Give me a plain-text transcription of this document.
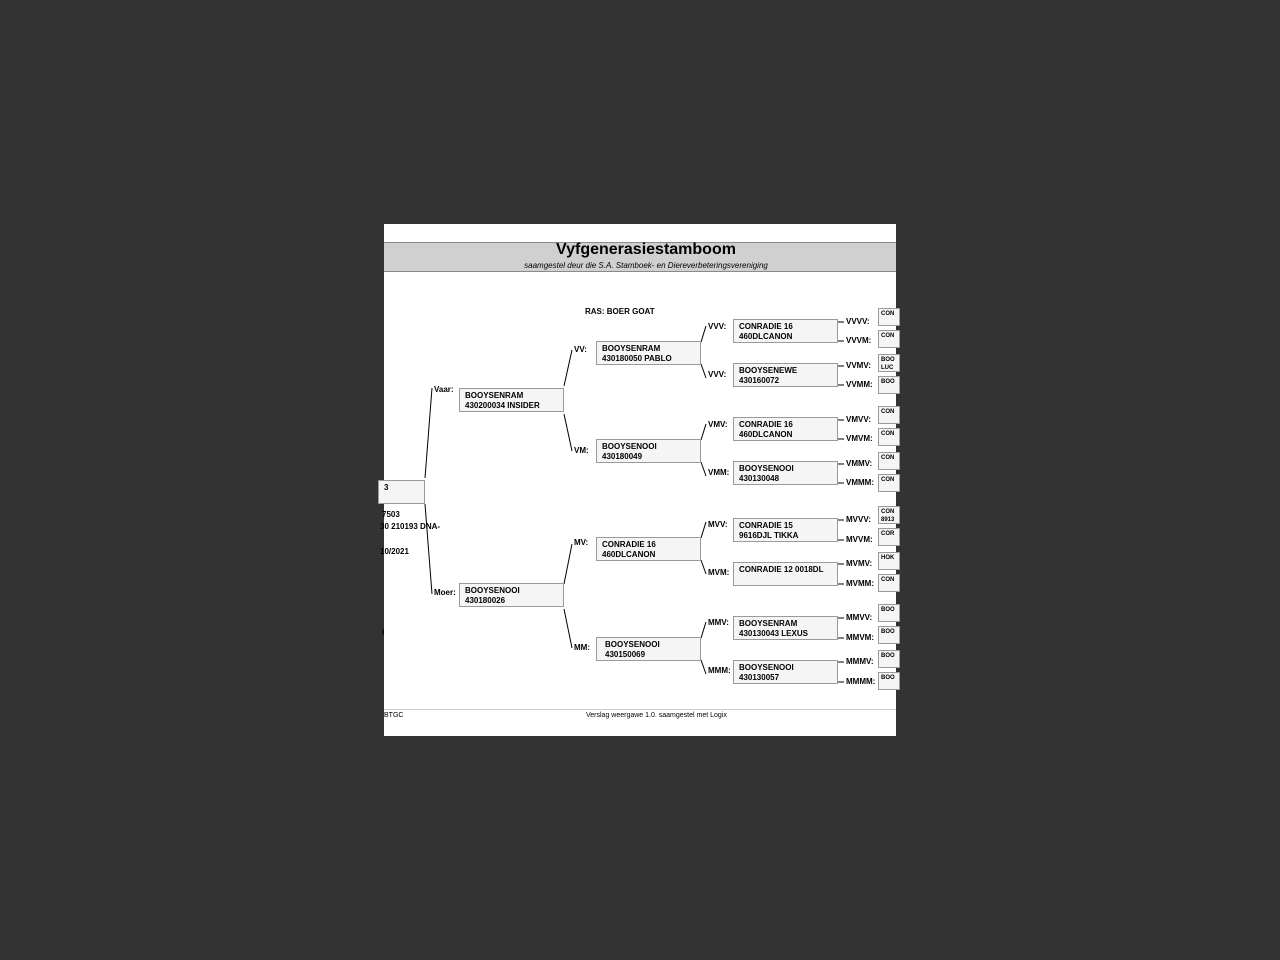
Vyfgenerasiestamboom
saamgestel deur die S.A. Stamboek- en Diereverbeteringsvereniging
RAS: BOER GOAT
3
7503
30 210193 DNA-
10/2021
l
Vaar:
BOOYSENRAM
430200034 INSIDER
Moer: BOOYSENOOI
430180026
VV: BOOYSENRAM
430180050 PABLO
VM: BOOYSENOOI
430180049
MV: CONRADIE 16
460DLCANON
MM: BOOYSENOOI
430150069
VVV: CONRADIE 16
460DLCANON
VVV: BOOYSENEWE
430160072
VMV: CONRADIE 16
460DLCANON
VMM: BOOYSENOOI
430130048
MVV: CONRADIE 15
9616DJL TIKKA
MVM: CONRADIE 12 0018DL
MMV: BOOYSENRAM
430130043 LEXUS
MMM: BOOYSENOOI
430130057
VVVV:
CON
VVVM: CON
VVMV:
BOO
LUC
VVMM: BOO
VMVV:
CON
VMVM: CON
VMMV:
CON
VMMM: CON
MVVV:
CON
8913
MVVM:
COR
MVMV:
HOK
MVMM: CON
MMVV:
BOO
MMVM:
BOO
MMMV:
BOO
MMMM: BOO
BTGC	Verslag weergawe 1.0. saamgestel met Logix
